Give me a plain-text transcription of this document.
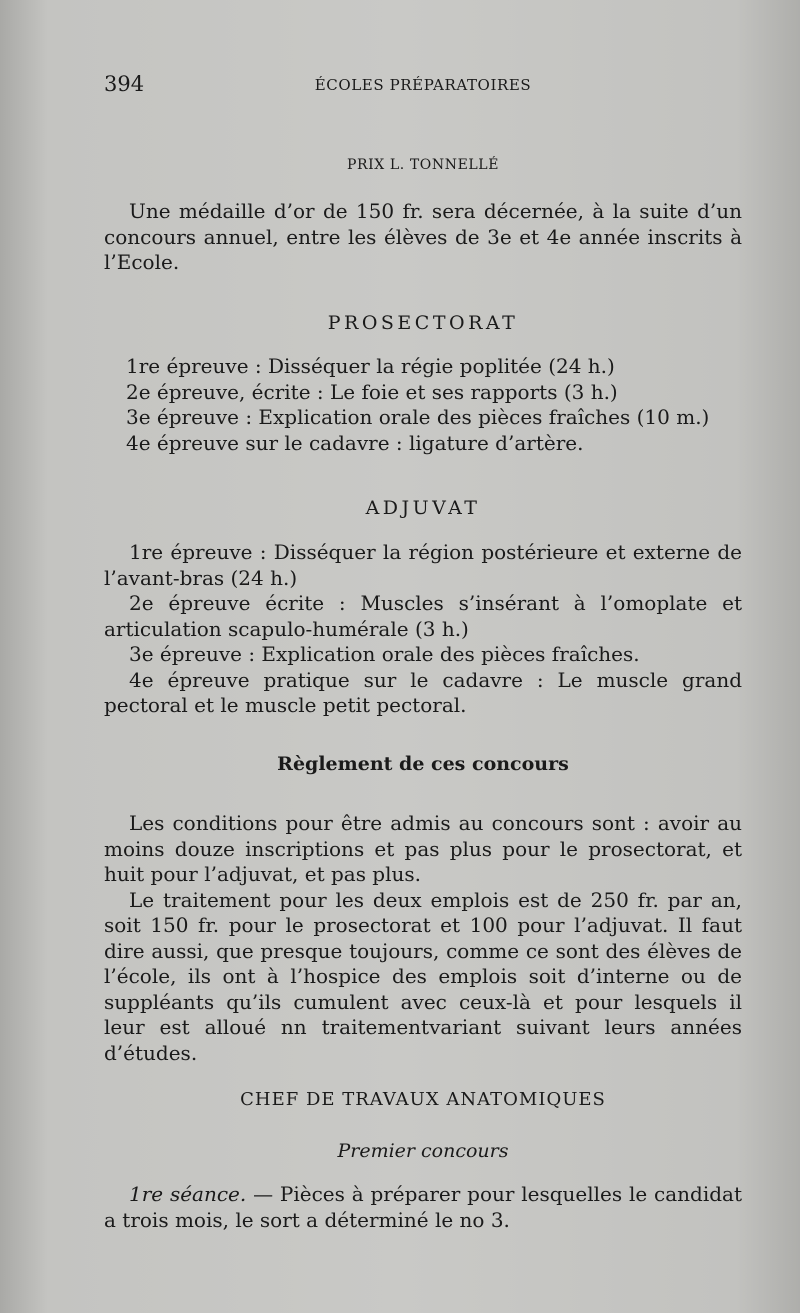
394	ÉCOLES PRÉPARATOIRES
PRIX L. TONNELLÉ

Une médaille d’or de 150 fr. sera décernée, à la suite d’un concours annuel, entre les élèves de 3e et 4e année inscrits à l’Ecole.

PROSECTORAT

1re épreuve : Disséquer la régie poplitée (24 h.)

2e épreuve, écrite : Le foie et ses rapports (3 h.)

3e épreuve : Explication orale des pièces fraîches (10 m.)

4e épreuve sur le cadavre : ligature d’artère.

ADJUVAT

1re épreuve : Disséquer la région postérieure et externe de l’avant-bras (24 h.)

2e épreuve écrite : Muscles s’insérant à l’omoplate et articulation scapulo-humérale (3 h.)

3e épreuve : Explication orale des pièces fraîches.

4e épreuve pratique sur le cadavre : Le muscle grand pectoral et le muscle petit pectoral.

Règlement de ces concours

Les conditions pour être admis au concours sont : avoir au moins douze inscriptions et pas plus pour le prosectorat, et huit pour l’adjuvat, et pas plus.

Le traitement pour les deux emplois est de 250 fr. par an, soit 150 fr. pour le prosectorat et 100 pour l’adjuvat. Il faut dire aussi, que presque toujours, comme ce sont des élèves de l’école, ils ont à l’hospice des emplois soit d’interne ou de suppléants qu’ils cumulent avec ceux-là et pour lesquels il leur est alloué nn traitementvariant suivant leurs années d’études.

CHEF DE TRAVAUX ANATOMIQUES
Premier concours

1re séance. — Pièces à préparer pour lesquelles le candidat a trois mois, le sort a déterminé le no 3.
